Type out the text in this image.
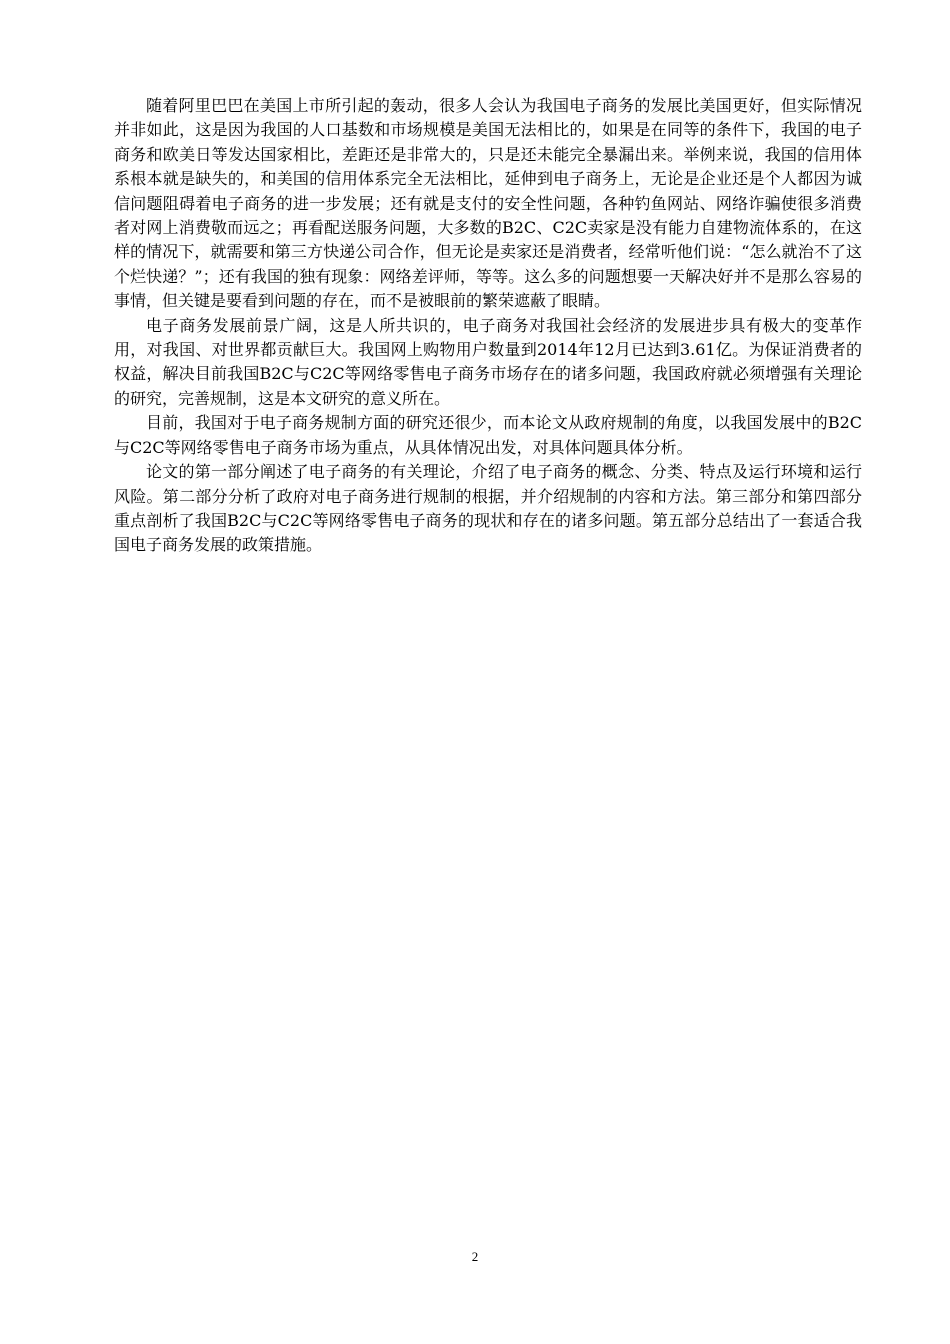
随着阿里巴巴在美国上市所引起的轰动，很多人会认为我国电子商务的发展比美国更好，但实际情况并非如此，这是因为我国的人口基数和市场规模是美国无法相比的，如果是在同等的条件下，我国的电子商务和欧美日等发达国家相比，差距还是非常大的，只是还未能完全暴漏出来。举例来说，我国的信用体系根本就是缺失的，和美国的信用体系完全无法相比，延伸到电子商务上，无论是企业还是个人都因为诚信问题阻碍着电子商务的进一步发展；还有就是支付的安全性问题，各种钓鱼网站、网络诈骗使很多消费者对网上消费敬而远之；再看配送服务问题，大多数的B2C、C2C卖家是没有能力自建物流体系的，在这样的情况下，就需要和第三方快递公司合作，但无论是卖家还是消费者，经常听他们说：“怎么就治不了这个烂快递？”；还有我国的独有现象：网络差评师，等等。这么多的问题想要一天解决好并不是那么容易的事情，但关键是要看到问题的存在，而不是被眼前的繁荣遮蔽了眼睛。

电子商务发展前景广阔，这是人所共识的，电子商务对我国社会经济的发展进步具有极大的变革作用，对我国、对世界都贡献巨大。我国网上购物用户数量到2014年12月已达到3.61亿。为保证消费者的权益，解决目前我国B2C与C2C等网络零售电子商务市场存在的诸多问题，我国政府就必须增强有关理论的研究，完善规制，这是本文研究的意义所在。

目前，我国对于电子商务规制方面的研究还很少，而本论文从政府规制的角度，以我国发展中的B2C与C2C等网络零售电子商务市场为重点，从具体情况出发，对具体问题具体分析。

论文的第一部分阐述了电子商务的有关理论，介绍了电子商务的概念、分类、特点及运行环境和运行风险。第二部分分析了政府对电子商务进行规制的根据，并介绍规制的内容和方法。第三部分和第四部分重点剖析了我国B2C与C2C等网络零售电子商务的现状和存在的诸多问题。第五部分总结出了一套适合我国电子商务发展的政策措施。

2
